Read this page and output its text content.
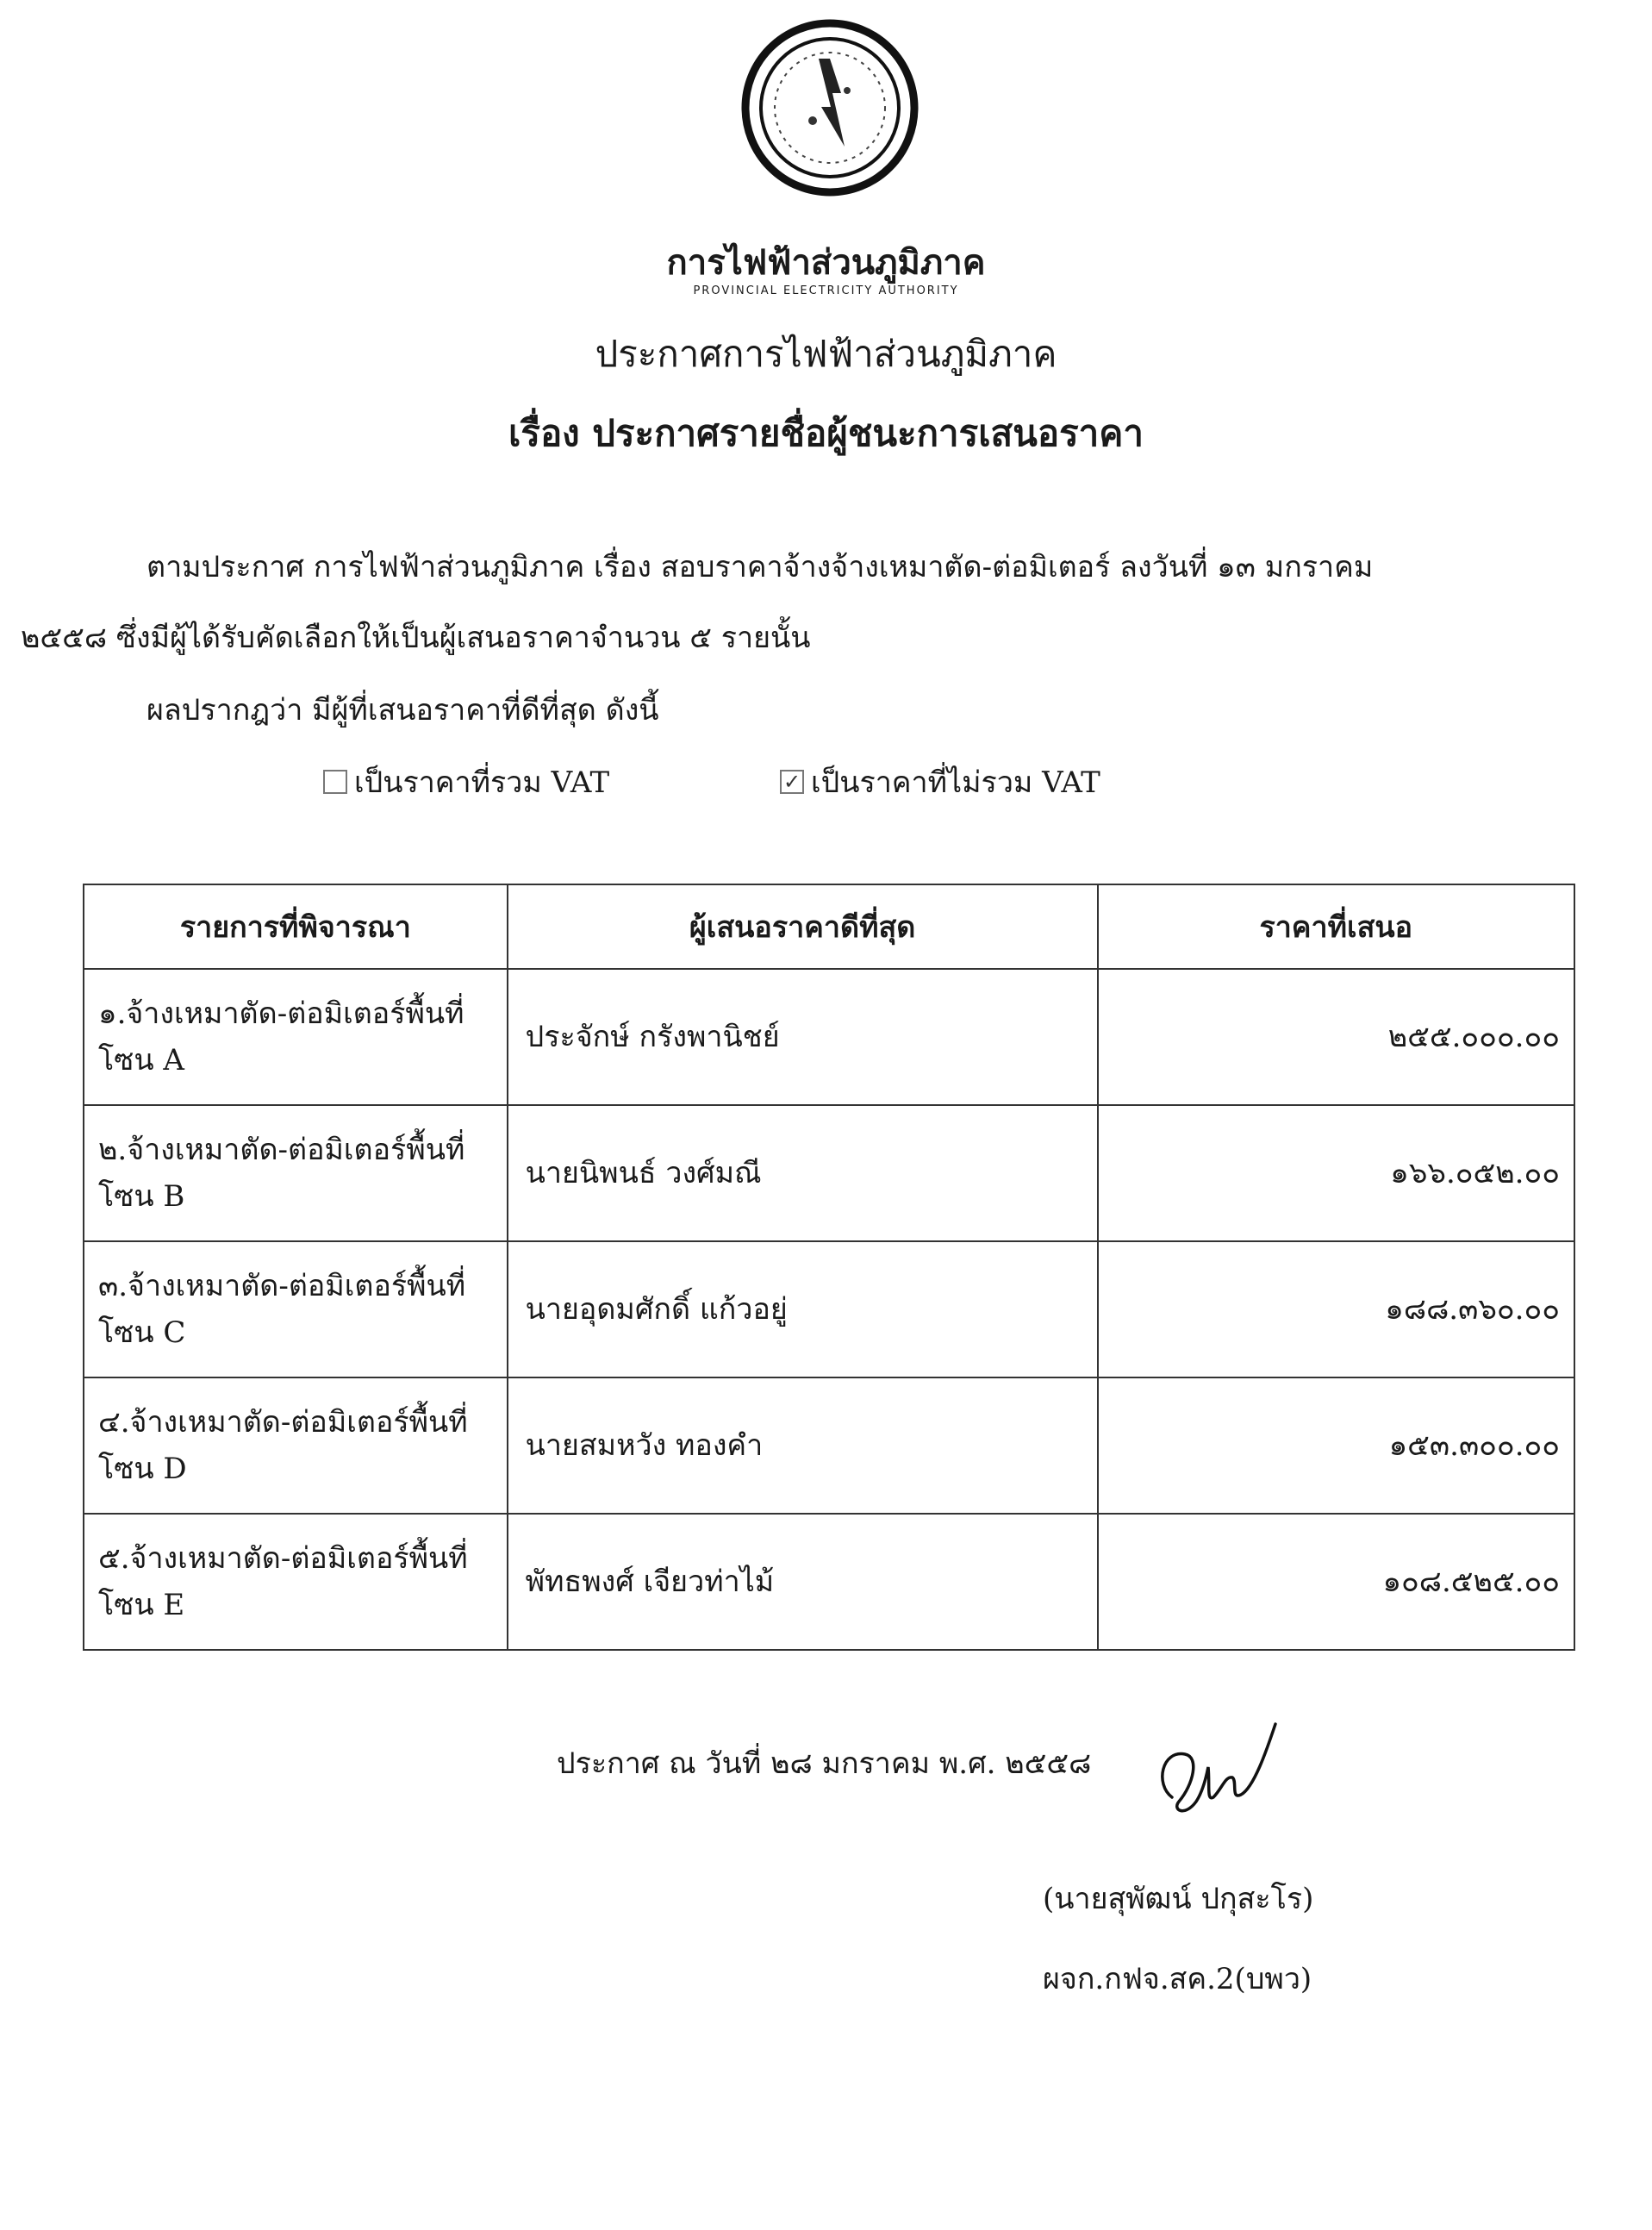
การไฟฟ้าส่วนภูมิภาค
PROVINCIAL ELECTRICITY AUTHORITY
ประกาศการไฟฟ้าส่วนภูมิภาค
เรื่อง ประกาศรายชื่อผู้ชนะการเสนอราคา
ตามประกาศ การไฟฟ้าส่วนภูมิภาค เรื่อง สอบราคาจ้างจ้างเหมาตัด-ต่อมิเตอร์ ลงวันที่ ๑๓ มกราคม
๒๕๕๘ ซึ่งมีผู้ได้รับคัดเลือกให้เป็นผู้เสนอราคาจำนวน ๕ รายนั้น
ผลปรากฎว่า มีผู้ที่เสนอราคาที่ดีที่สุด ดังนี้
เป็นราคาที่รวม VAT	✓ เป็นราคาที่ไม่รวม VAT
รายการที่พิจารณา	ผู้เสนอราคาดีที่สุด	ราคาที่เสนอ
๑.จ้างเหมาตัด-ต่อมิเตอร์พื้นที่โซน A	ประจักษ์ กรังพานิชย์	๒๕๕.๐๐๐.๐๐
๒.จ้างเหมาตัด-ต่อมิเตอร์พื้นที่โซน B	นายนิพนธ์ วงศ์มณี	๑๖๖.๐๕๒.๐๐
๓.จ้างเหมาตัด-ต่อมิเตอร์พื้นที่โซน C	นายอุดมศักดิ์ แก้วอยู่	๑๘๘.๓๖๐.๐๐
๔.จ้างเหมาตัด-ต่อมิเตอร์พื้นที่โซน D	นายสมหวัง ทองคำ	๑๕๓.๓๐๐.๐๐
๕.จ้างเหมาตัด-ต่อมิเตอร์พื้นที่โซน E	พัทธพงศ์ เจียวท่าไม้	๑๐๘.๕๒๕.๐๐
ประกาศ ณ วันที่ ๒๘ มกราคม พ.ศ. ๒๕๕๘
(นายสุพัฒน์ ปกุสะโร)
ผจก.กฟจ.สค.2(บพว)
